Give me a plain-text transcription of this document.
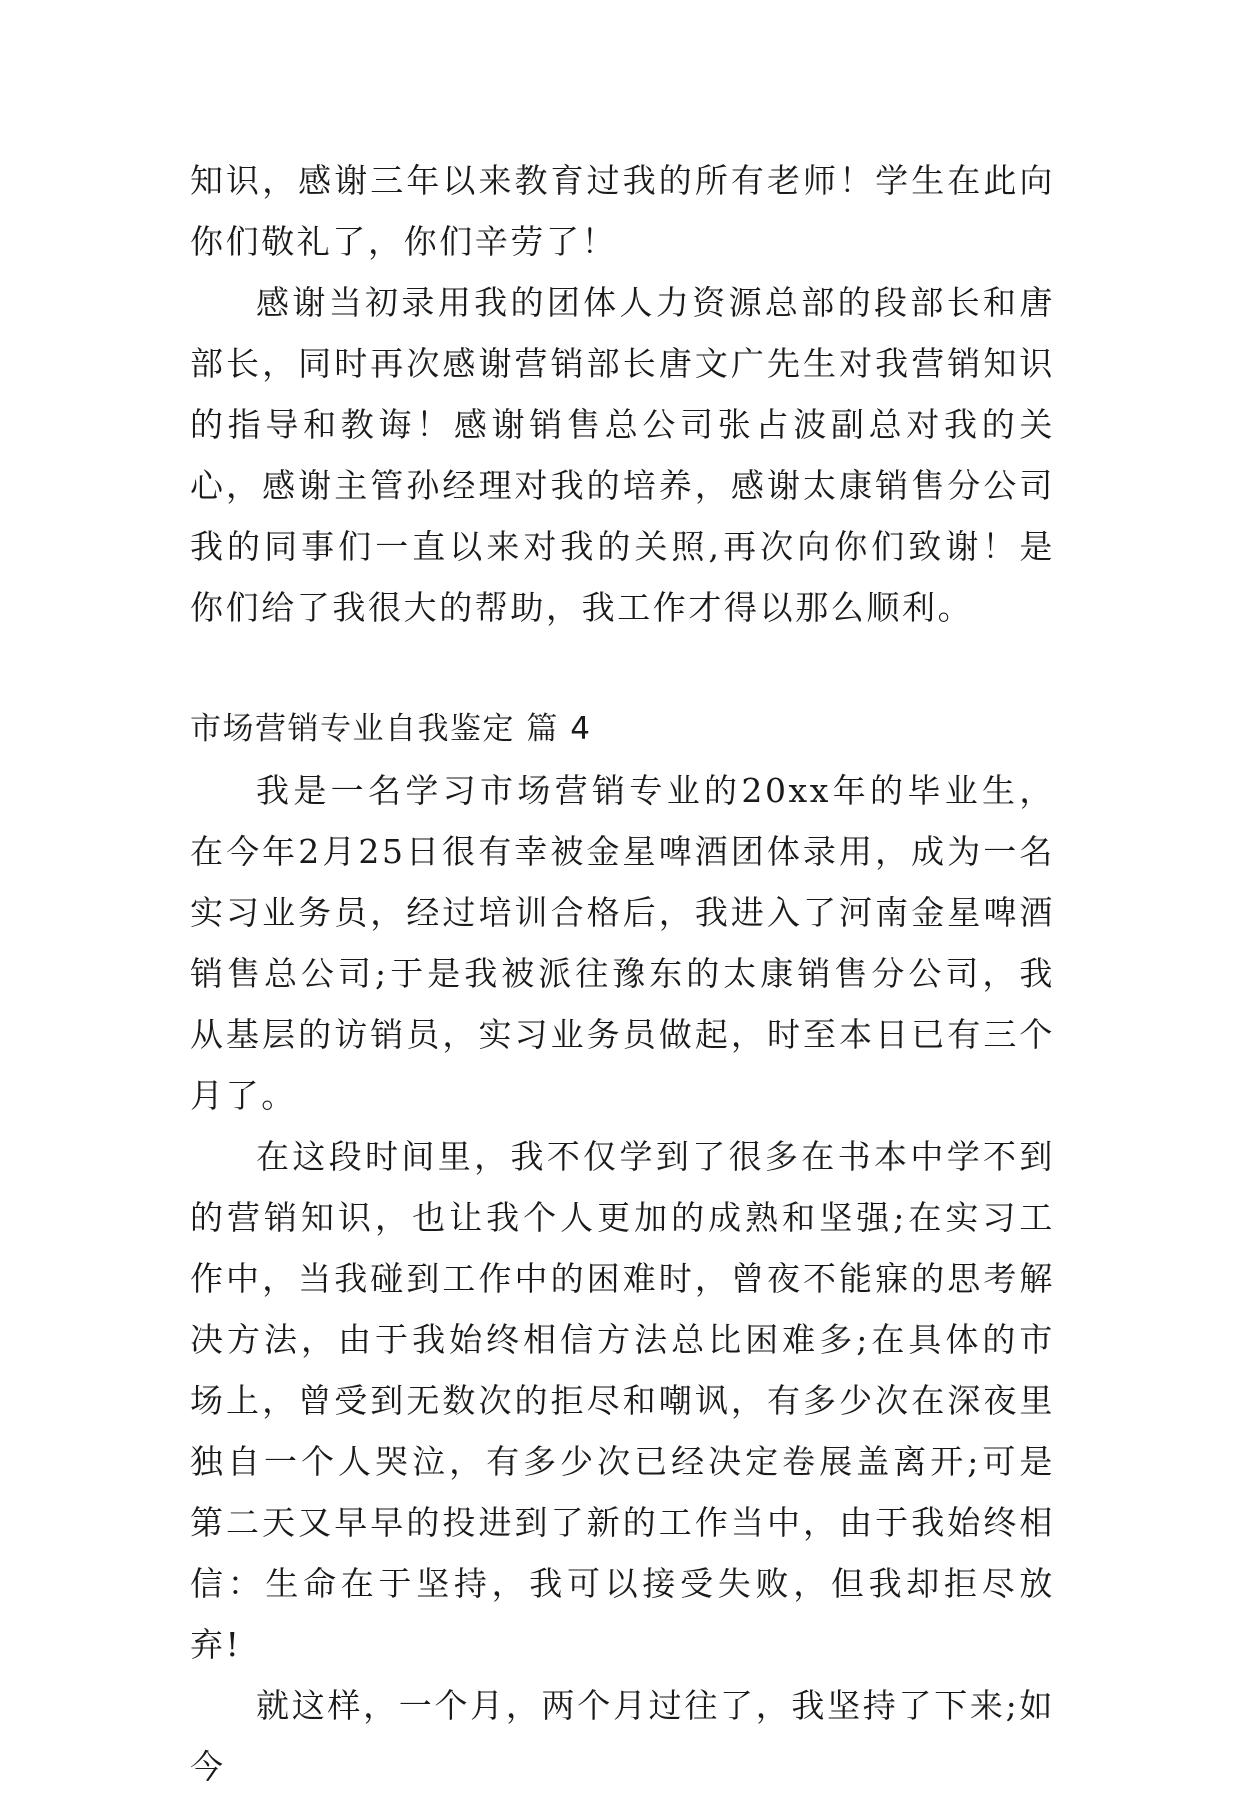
知识，感谢三年以来教育过我的所有老师！学生在此向你们敬礼了，你们辛劳了！

感谢当初录用我的团体人力资源总部的段部长和唐部长，同时再次感谢营销部长唐文广先生对我营销知识的指导和教诲！感谢销售总公司张占波副总对我的关心，感谢主管孙经理对我的培养，感谢太康销售分公司我的同事们一直以来对我的关照,再次向你们致谢！是你们给了我很大的帮助，我工作才得以那么顺利。

市场营销专业自我鉴定 篇 4

我是一名学习市场营销专业的20xx年的毕业生，在今年2月25日很有幸被金星啤酒团体录用，成为一名实习业务员，经过培训合格后，我进入了河南金星啤酒销售总公司;于是我被派往豫东的太康销售分公司，我从基层的访销员，实习业务员做起，时至本日已有三个月了。

在这段时间里，我不仅学到了很多在书本中学不到的营销知识，也让我个人更加的成熟和坚强;在实习工作中，当我碰到工作中的困难时，曾夜不能寐的思考解决方法，由于我始终相信方法总比困难多;在具体的市场上，曾受到无数次的拒尽和嘲讽，有多少次在深夜里独自一个人哭泣，有多少次已经决定卷展盖离开;可是第二天又早早的投进到了新的工作当中，由于我始终相信：生命在于坚持，我可以接受失败，但我却拒尽放弃!

就这样，一个月，两个月过往了，我坚持了下来;如今
